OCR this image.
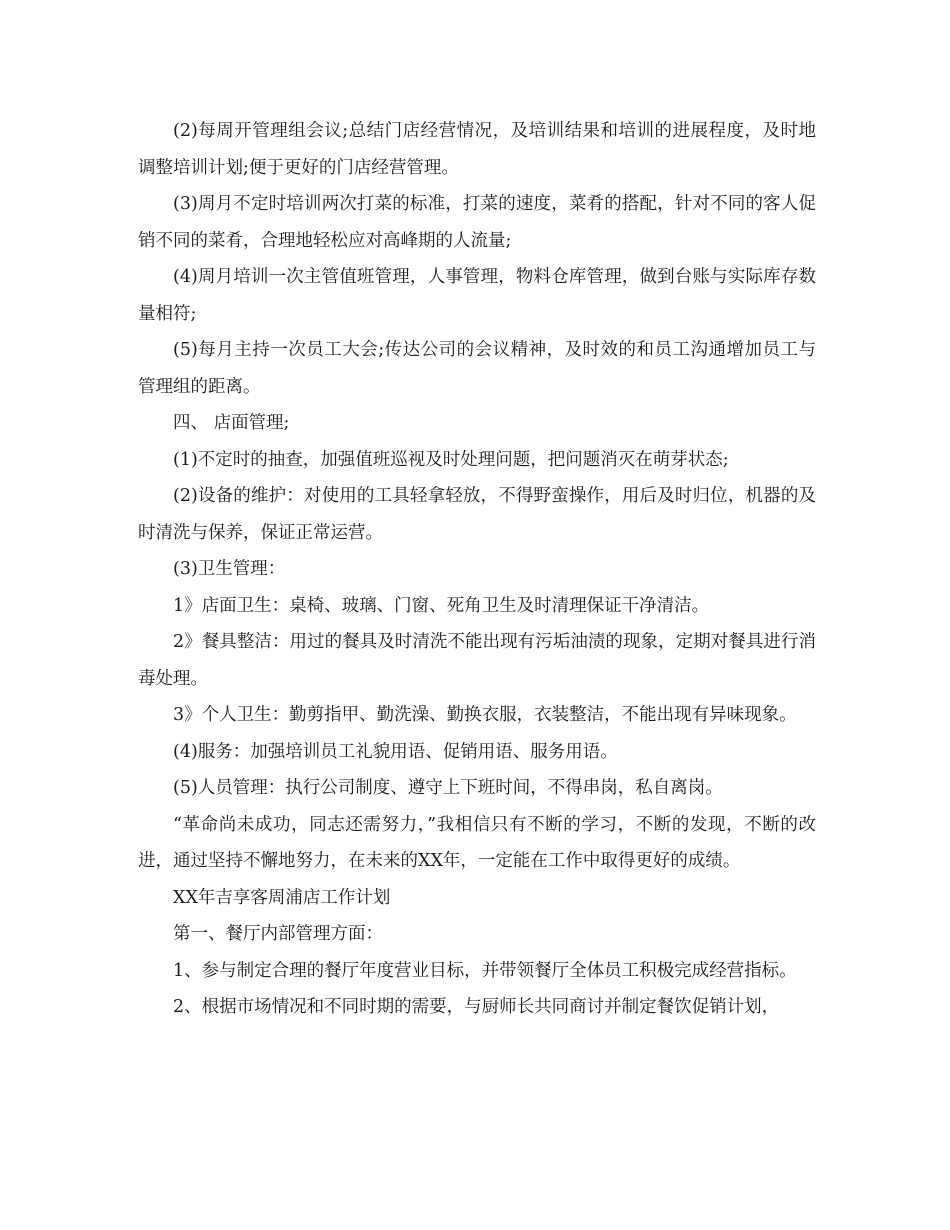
(2)每周开管理组会议;总结门店经营情况，及培训结果和培训的进展程度，及时地调整培训计划;便于更好的门店经营管理。

(3)周月不定时培训两次打菜的标准，打菜的速度，菜肴的搭配，针对不同的客人促销不同的菜肴，合理地轻松应对高峰期的人流量;

(4)周月培训一次主管值班管理，人事管理，物料仓库管理，做到台账与实际库存数量相符;

(5)每月主持一次员工大会;传达公司的会议精神，及时效的和员工沟通增加员工与管理组的距离。

四、 店面管理;

(1)不定时的抽查，加强值班巡视及时处理问题，把问题消灭在萌芽状态;

(2)设备的维护：对使用的工具轻拿轻放，不得野蛮操作，用后及时归位，机器的及时清洗与保养，保证正常运营。

(3)卫生管理：

1》店面卫生：桌椅、玻璃、门窗、死角卫生及时清理保证干净清洁。

2》餐具整洁：用过的餐具及时清洗不能出现有污垢油渍的现象，定期对餐具进行消毒处理。

3》个人卫生：勤剪指甲、勤洗澡、勤换衣服，衣装整洁，不能出现有异味现象。

(4)服务：加强培训员工礼貌用语、促销用语、服务用语。

(5)人员管理：执行公司制度、遵守上下班时间，不得串岗，私自离岗。

“革命尚未成功，同志还需努力，”我相信只有不断的学习，不断的发现，不断的改进，通过坚持不懈地努力，在未来的XX年，一定能在工作中取得更好的成绩。

XX年吉享客周浦店工作计划

第一、餐厅内部管理方面：

1、参与制定合理的餐厅年度营业目标，并带领餐厅全体员工积极完成经营指标。

2、根据市场情况和不同时期的需要，与厨师长共同商讨并制定餐饮促销计划，
